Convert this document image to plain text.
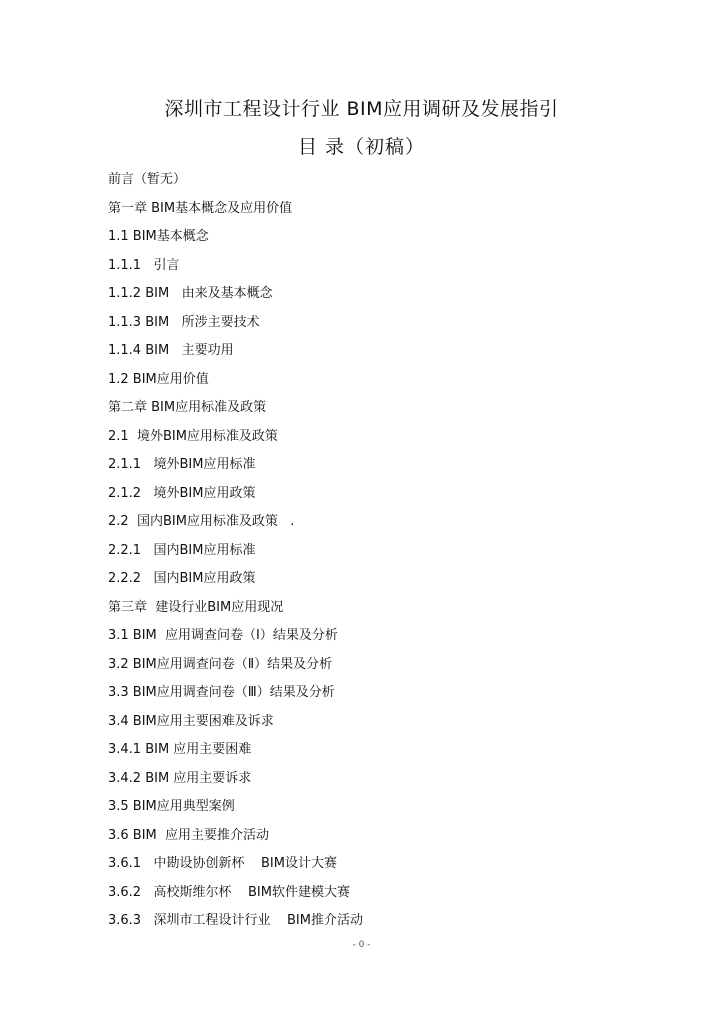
深圳市工程设计行业 BIM应用调研及发展指引
目 录（初稿）
前言（暂无）
第一章 BIM基本概念及应用价值
1.1 BIM基本概念
1.1.1   引言
1.1.2 BIM   由来及基本概念
1.1.3 BIM   所涉主要技术
1.1.4 BIM   主要功用
1.2 BIM应用价值
第二章 BIM应用标准及政策
2.1  境外BIM应用标准及政策
2.1.1   境外BIM应用标准
2.1.2   境外BIM应用政策
2.2  国内BIM应用标准及政策   .
2.2.1   国内BIM应用标准
2.2.2   国内BIM应用政策
第三章  建设行业BIM应用现况
3.1 BIM  应用调查问卷（Ⅰ）结果及分析
3.2 BIM应用调查问卷（Ⅱ）结果及分析
3.3 BIM应用调查问卷（Ⅲ）结果及分析
3.4 BIM应用主要困难及诉求
3.4.1 BIM 应用主要困难
3.4.2 BIM 应用主要诉求
3.5 BIM应用典型案例
3.6 BIM  应用主要推介活动
3.6.1   中勘设协创新杯    BIM设计大赛
3.6.2   高校斯维尔杯    BIM软件建模大赛
3.6.3   深圳市工程设计行业    BIM推介活动
- 0 -
